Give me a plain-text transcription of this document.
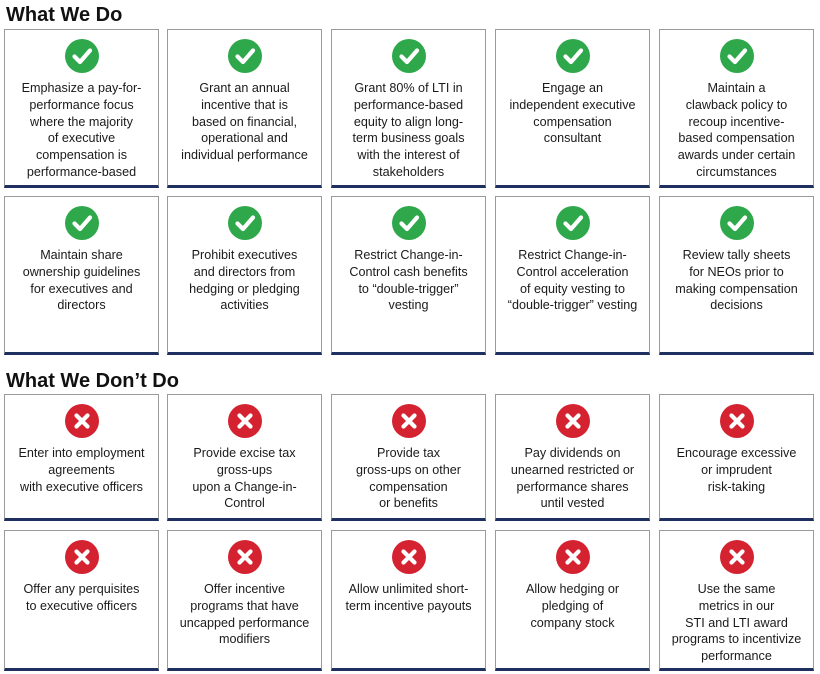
What We Do
Emphasize a pay-for-
performance focus
where the majority
of executive
compensation is
performance-based
Grant an annual
incentive that is
based on financial,
operational and
individual performance
Grant 80% of LTI in
performance-based
equity to align long-
term business goals
with the interest of
stakeholders
Engage an
independent executive
compensation
consultant
Maintain a
clawback policy to
recoup incentive-
based compensation
awards under certain
circumstances
Maintain share
ownership guidelines
for executives and
directors
Prohibit executives
and directors from
hedging or pledging
activities
Restrict Change-in-
Control cash benefits
to “double-trigger”
vesting
Restrict Change-in-
Control acceleration
of equity vesting to
“double-trigger” vesting
Review tally sheets
for NEOs prior to
making compensation
decisions
What We Don’t Do
Enter into employment
agreements
with executive officers
Provide excise tax
gross-ups
upon a Change-in-
Control
Provide tax
gross-ups on other
compensation
or benefits
Pay dividends on
unearned restricted or
performance shares
until vested
Encourage excessive
or imprudent
risk-taking
Offer any perquisites
to executive officers
Offer incentive
programs that have
uncapped performance
modifiers
Allow unlimited short-
term incentive payouts
Allow hedging or
pledging of
company stock
Use the same
metrics in our
STI and LTI award
programs to incentivize
performance
